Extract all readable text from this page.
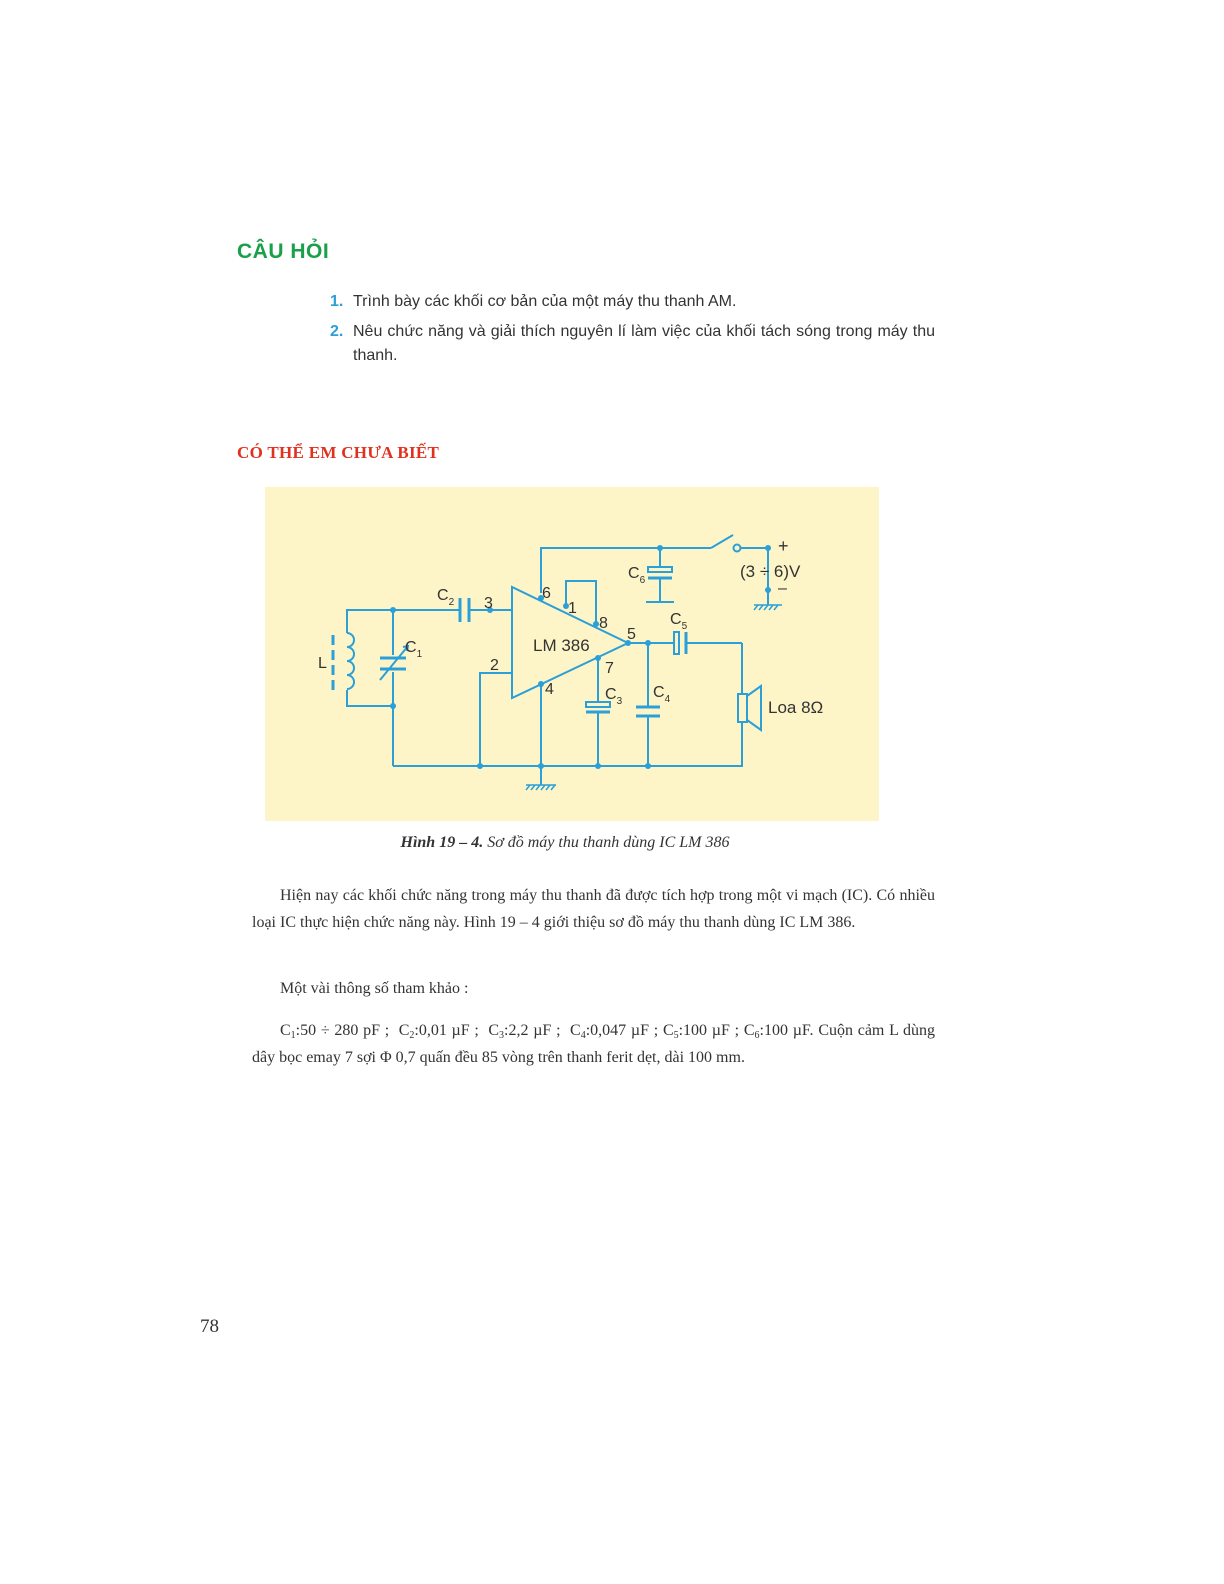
CÂU HỎI
1. Trình bày các khối cơ bản của một máy thu thanh AM.
2. Nêu chức năng và giải thích nguyên lí làm việc của khối tách sóng trong máy thu thanh.
CÓ THỂ EM CHƯA BIẾT
LM 386
L
$C_1$
$C_2$
$C_3$
$C_4$
$C_5$
$C_6$
6
3	1
8
5
2	7
4
+
(3 ÷ 6)V
–
Loa 8Ω
Hình 19 – 4. Sơ đồ máy thu thanh dùng IC LM 386

Hiện nay các khối chức năng trong máy thu thanh đã được tích hợp trong một vi mạch (IC). Có nhiều loại IC thực hiện chức năng này. Hình 19 – 4 giới thiệu sơ đồ máy thu thanh dùng IC LM 386.

Một vài thông số tham khảo :

$C_1:50 \div 280$ pF ; $C_2:0,01$ µF ; $C_3:2,2$ µF ; $C_4:0,047$ µF ; $C_5:100$ µF ; $C_6:100$ µF. Cuộn cảm L dùng dây bọc emay 7 sợi Φ 0,7 quấn đều 85 vòng trên thanh ferit dẹt, dài 100 mm.

78
